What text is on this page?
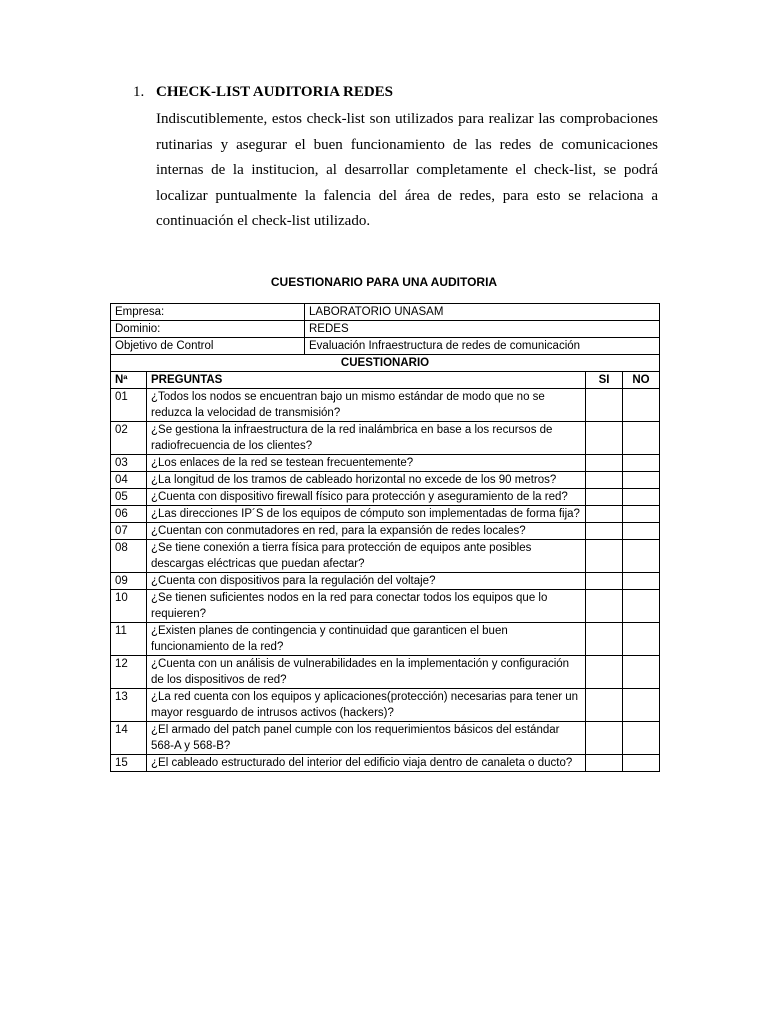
1. CHECK-LIST AUDITORIA REDES
Indiscutiblemente, estos check-list son utilizados para realizar las comprobaciones rutinarias y asegurar el buen funcionamiento de las redes de comunicaciones internas de la institucion, al desarrollar completamente el check-list, se podrá localizar puntualmente la falencia del área de redes, para esto se relaciona a continuación el check-list utilizado.
CUESTIONARIO PARA UNA AUDITORIA
Empresa:		LABORATORIO UNASAM		
Dominio:		REDES		
Objetivo de Control		Evaluación Infraestructura de redes de comunicación		
CUESTIONARIO				
Nª	PREGUNTAS		SI	NO
01	¿Todos los nodos se encuentran bajo un mismo estándar de modo que no se reduzca la velocidad de transmisión?			
02	¿Se gestiona la infraestructura de la red inalámbrica en base a los recursos de radiofrecuencia de los clientes?			
03	¿Los enlaces de la red se testean frecuentemente?			
04	¿La longitud de los tramos de cableado horizontal no excede de los 90 metros?			
05	¿Cuenta con dispositivo firewall físico para protección y aseguramiento de la red?			
06	¿Las direcciones IP´S de los equipos de cómputo son implementadas de forma fija?			
07	¿Cuentan con conmutadores en red, para la expansión de redes locales?			
08	¿Se tiene conexión a tierra física para protección de equipos ante posibles descargas eléctricas que puedan afectar?			
09	¿Cuenta con dispositivos para la regulación del voltaje?			
10	¿Se tienen suficientes nodos en la red para conectar todos los equipos que lo requieren?			
11	¿Existen planes de contingencia y continuidad que garanticen el buen funcionamiento de la red?			
12	¿Cuenta con un análisis de vulnerabilidades en la implementación y configuración de los dispositivos de red?			
13	¿La red cuenta con los equipos y aplicaciones(protección) necesarias para tener un mayor resguardo de intrusos activos (hackers)?			
14	¿El armado del patch panel cumple con los requerimientos básicos del estándar 568-A y 568-B?			
15	¿El cableado estructurado del interior del edificio viaja dentro de canaleta o ducto?			
